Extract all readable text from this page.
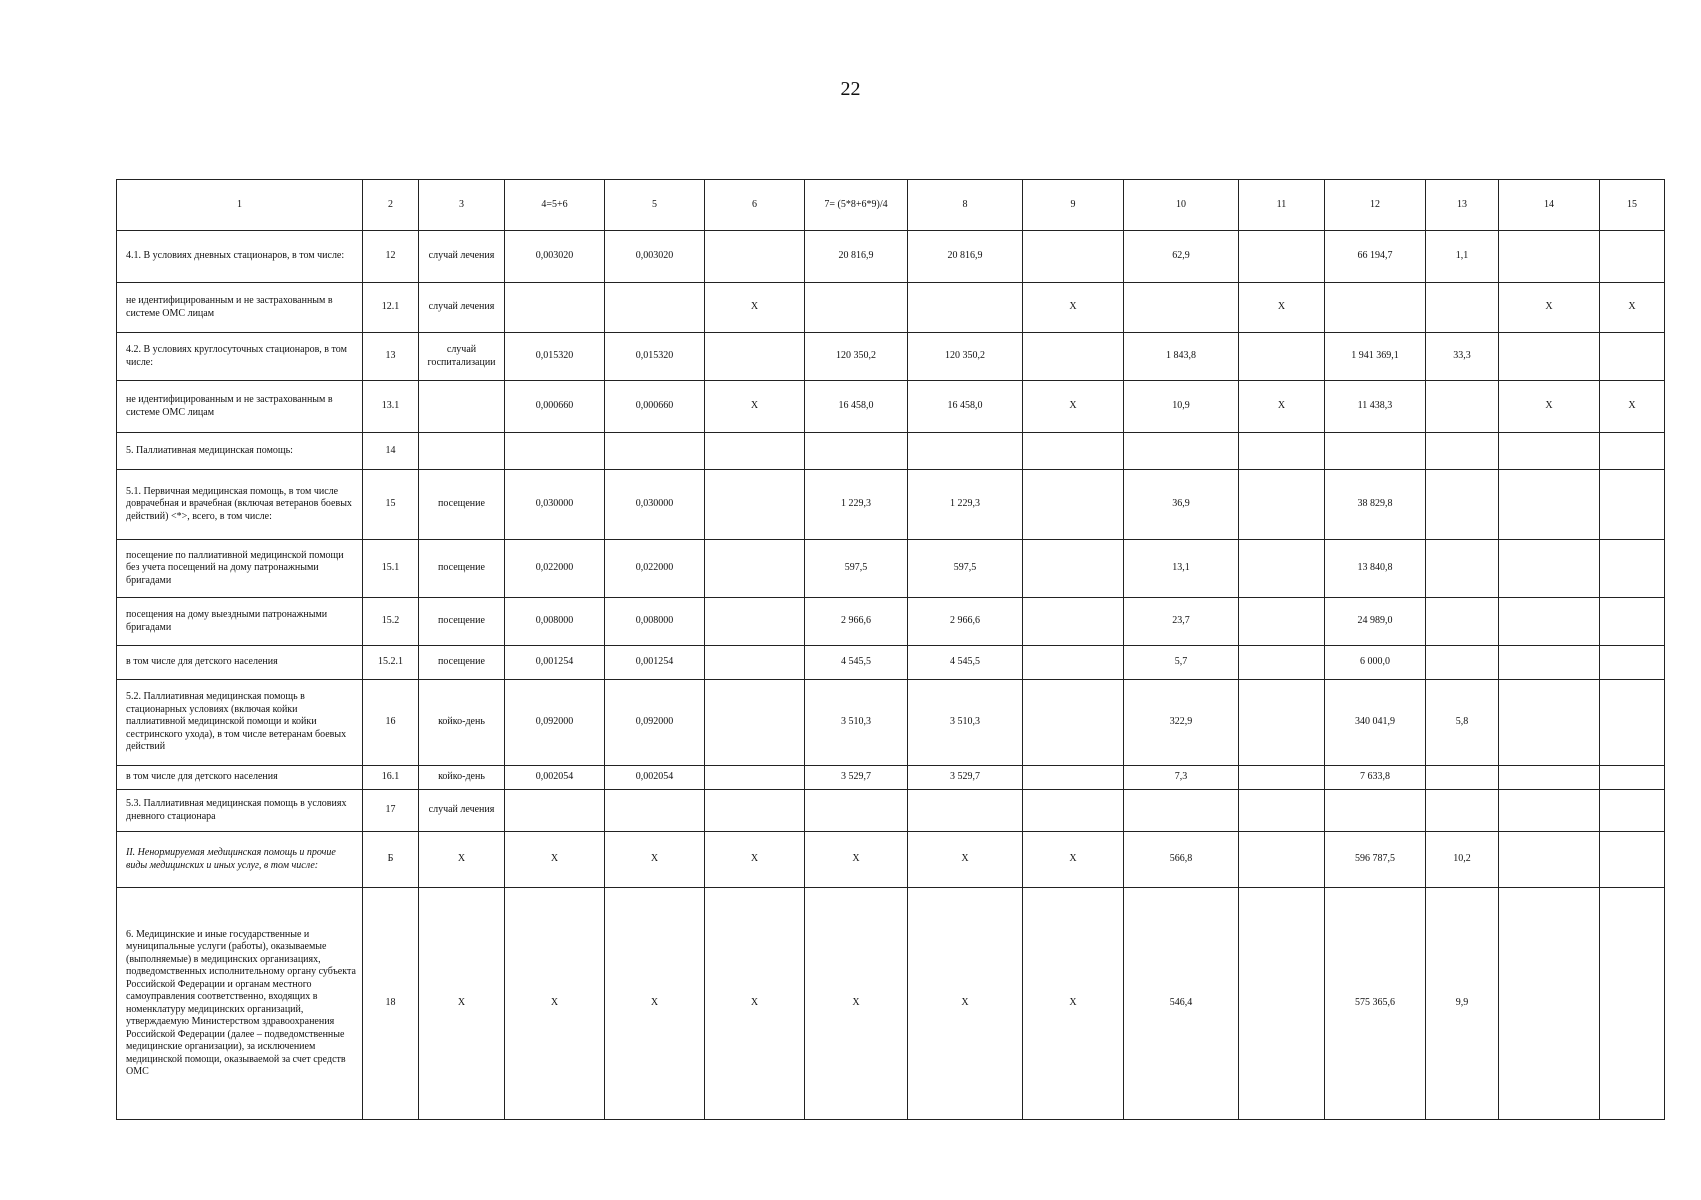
22
1	2	3	4=5+6	5	6	7= (5*8+6*9)/4	8	9	10	11	12	13	14	15
4.1. В условиях дневных стационаров, в том числе:	12	случай лечения	0,003020	0,003020		20 816,9	20 816,9		62,9		66 194,7	1,1		
не идентифицированным и не застрахованным в системе ОМС лицам	12.1	случай лечения			X			X		X			X	X
4.2. В условиях круглосуточных стационаров, в том числе:	13	случай госпитализации	0,015320	0,015320		120 350,2	120 350,2		1 843,8		1 941 369,1	33,3		
не идентифицированным и не застрахованным в системе ОМС лицам	13.1		0,000660	0,000660	X	16 458,0	16 458,0	X	10,9	X	11 438,3		X	X
5. Паллиативная медицинская помощь:	14													
5.1. Первичная медицинская помощь, в том числе доврачебная и врачебная (включая ветеранов боевых действий) <*>, всего, в том числе:	15	посещение	0,030000	0,030000		1 229,3	1 229,3		36,9		38 829,8			
посещение по паллиативной медицинской помощи без учета посещений на дому патронажными бригадами	15.1	посещение	0,022000	0,022000		597,5	597,5		13,1		13 840,8			
посещения на дому выездными патронажными бригадами	15.2	посещение	0,008000	0,008000		2 966,6	2 966,6		23,7		24 989,0			
в том числе для детского населения	15.2.1	посещение	0,001254	0,001254		4 545,5	4 545,5		5,7		6 000,0			
5.2. Паллиативная медицинская помощь в стационарных условиях (включая койки паллиативной медицинской помощи и койки сестринского ухода), в том числе ветеранам боевых действий	16	койко-день	0,092000	0,092000		3 510,3	3 510,3		322,9		340 041,9	5,8		
в том числе для детского населения	16.1	койко-день	0,002054	0,002054		3 529,7	3 529,7		7,3		7 633,8			
5.3. Паллиативная медицинская помощь в условиях дневного стационара	17	случай лечения												
II. Ненормируемая медицинская помощь и прочие виды медицинских и иных услуг, в том числе:	Б	X	X	X	X	X	X	X	566,8		596 787,5	10,2		
6. Медицинские и иные государственные и муниципальные услуги (работы), оказываемые (выполняемые) в медицинских организациях, подведомственных исполнительному органу субъекта Российской Федерации и органам местного самоуправления соответственно, входящих в номенклатуру медицинских организаций, утверждаемую Министерством здравоохранения Российской Федерации (далее – подведомственные медицинские организации), за исключением медицинской помощи, оказываемой за счет средств ОМС	18	X	X	X	X	X	X	X	546,4		575 365,6	9,9		
